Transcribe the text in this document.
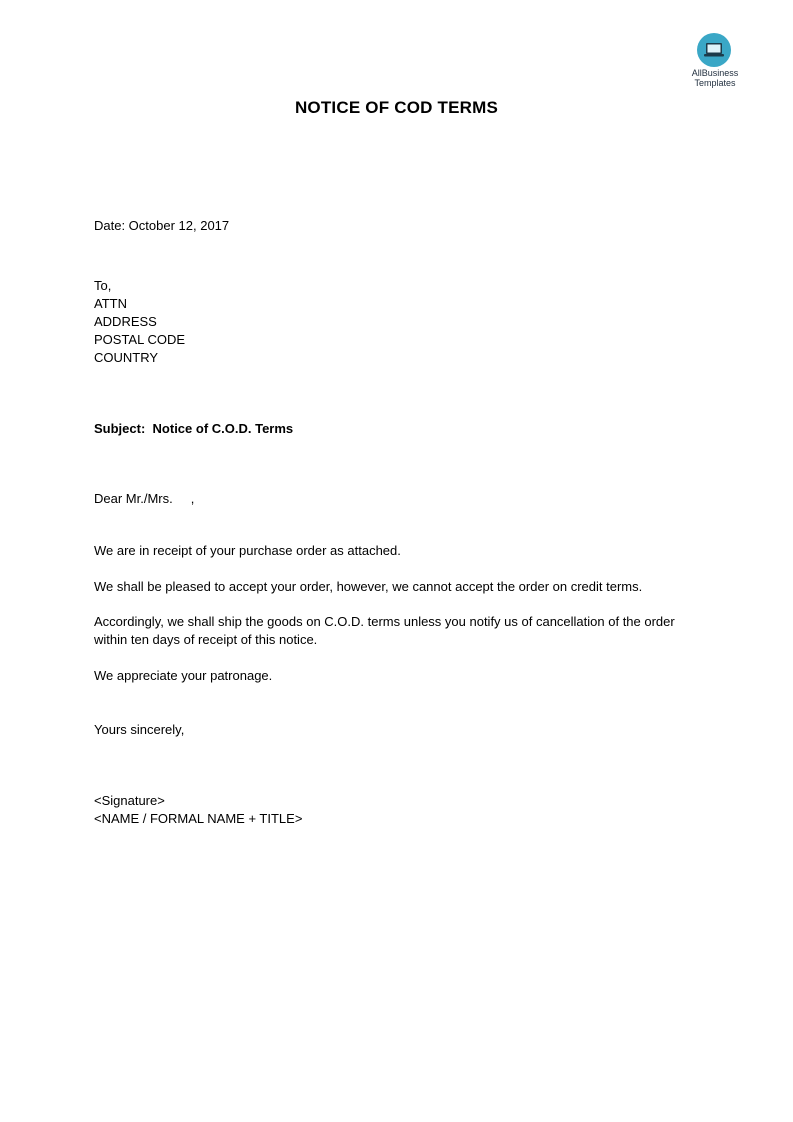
AllBusiness
Templates
NOTICE OF COD TERMS
Date: October 12, 2017
To,
ATTN
ADDRESS
POSTAL CODE
COUNTRY
Subject: Notice of C.O.D. Terms
Dear Mr./Mrs.     ,
We are in receipt of your purchase order as attached.
We shall be pleased to accept your order, however, we cannot accept the order on credit terms.
Accordingly, we shall ship the goods on C.O.D. terms unless you notify us of cancellation of the order within ten days of receipt of this notice.
We appreciate your patronage.
Yours sincerely,
<Signature>
<NAME / FORMAL NAME + TITLE>
